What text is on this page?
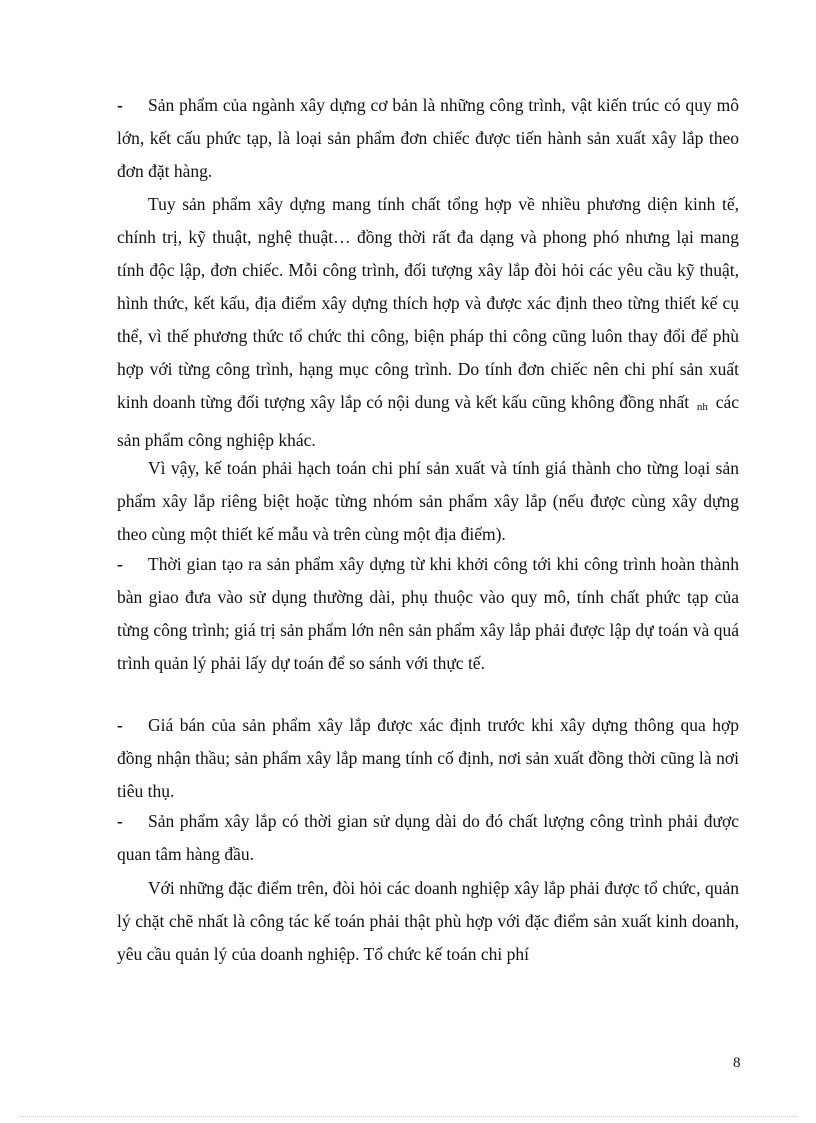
- Sản phẩm của ngành xây dựng cơ bản là những công trình, vật kiến trúc có quy mô lớn, kết cấu phức tạp, là loại sản phẩm đơn chiếc được tiến hành sản xuất xây lắp theo đơn đặt hàng.

Tuy sản phẩm xây dựng mang tính chất tổng hợp về nhiều phương diện kinh tế, chính trị, kỹ thuật, nghệ thuật… đồng thời rất đa dạng và phong phó nhưng lại mang tính độc lập, đơn chiếc. Mỗi công trình, đối tượng xây lắp đòi hỏi các yêu cầu kỹ thuật, hình thức, kết kấu, địa điểm xây dựng thích hợp và được xác định theo từng thiết kế cụ thể, vì thế phương thức tổ chức thi công, biện pháp thi công cũng luôn thay đổi để phù hợp với từng công trình, hạng mục công trình. Do tính đơn chiếc nên chi phí sản xuất kinh doanh từng đối tượng xây lắp có nội dung và kết kấu cũng không đồng nhất nh các sản phẩm công nghiệp khác.

Vì vậy, kế toán phải hạch toán chi phí sản xuất và tính giá thành cho từng loại sản phẩm xây lắp riêng biệt hoặc từng nhóm sản phẩm xây lắp (nếu được cùng xây dựng theo cùng một thiết kế mẫu và trên cùng một địa điểm).

- Thời gian tạo ra sản phẩm xây dựng từ khi khởi công tới khi công trình hoàn thành bàn giao đưa vào sử dụng thường dài, phụ thuộc vào quy mô, tính chất phức tạp của từng công trình; giá trị sản phẩm lớn nên sản phẩm xây lắp phải được lập dự toán và quá trình quản lý phải lấy dự toán để so sánh với thực tế.

- Giá bán của sản phẩm xây lắp được xác định trước khi xây dựng thông qua hợp đồng nhận thầu; sản phẩm xây lắp mang tính cố định, nơi sản xuất đồng thời cũng là nơi tiêu thụ.

- Sản phẩm xây lắp có thời gian sử dụng dài do đó chất lượng công trình phải được quan tâm hàng đầu.

Với những đặc điểm trên, đòi hỏi các doanh nghiệp xây lắp phải được tổ chức, quản lý chặt chẽ nhất là công tác kế toán phải thật phù hợp với đặc điểm sản xuất kinh doanh, yêu cầu quản lý của doanh nghiệp. Tổ chức kế toán chi phí

8
